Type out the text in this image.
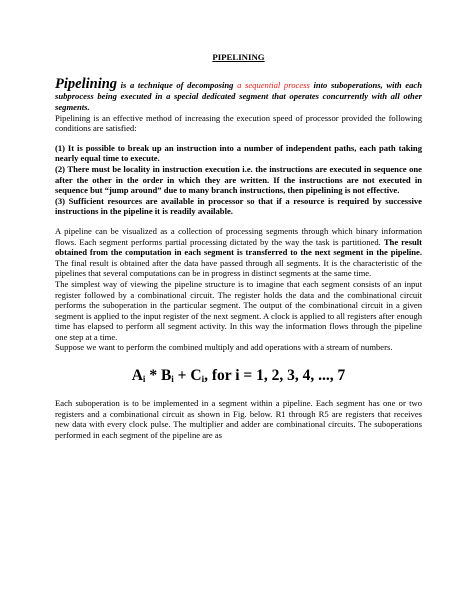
PIPELINING

Pipelining is a technique of decomposing a sequential process into suboperations, with each subprocess being executed in a special dedicated segment that operates concurrently with all other segments.

Pipelining is an effective method of increasing the execution speed of processor provided the following conditions are satisfied:

(1) It is possible to break up an instruction into a number of independent paths, each path taking nearly equal time to execute.

(2) There must be locality in instruction execution i.e. the instructions are executed in sequence one after the other in the order in which they are written. If the instructions are not executed in sequence but “jump around” due to many branch instructions, then pipelining is not effective.

(3) Sufficient resources are available in processor so that if a resource is required by successive instructions in the pipeline it is readily available.

A pipeline can be visualized as a collection of processing segments through which binary information flows. Each segment performs partial processing dictated by the way the task is partitioned. The result obtained from the computation in each segment is transferred to the next segment in the pipeline. The final result is obtained after the data have passed through all segments. It is the characteristic of the pipelines that several computations can be in progress in distinct segments at the same time.

The simplest way of viewing the pipeline structure is to imagine that each segment consists of an input register followed by a combinational circuit. The register holds the data and the combinational circuit performs the suboperation in the particular segment. The output of the combinational circuit in a given segment is applied to the input register of the next segment. A clock is applied to all registers after enough time has elapsed to perform all segment activity. In this way the information flows through the pipeline one step at a time.

Suppose we want to perform the combined multiply and add operations with a stream of numbers.

$A_i * B_i + C_i$, for i = 1, 2, 3, 4, ..., 7

Each suboperation is to be implemented in a segment within a pipeline. Each segment has one or two registers and a combinational circuit as shown in Fig. below. R1 through R5 are registers that receives new data with every clock pulse. The multiplier and adder are combinational circuits. The suboperations performed in each segment of the pipeline are as
